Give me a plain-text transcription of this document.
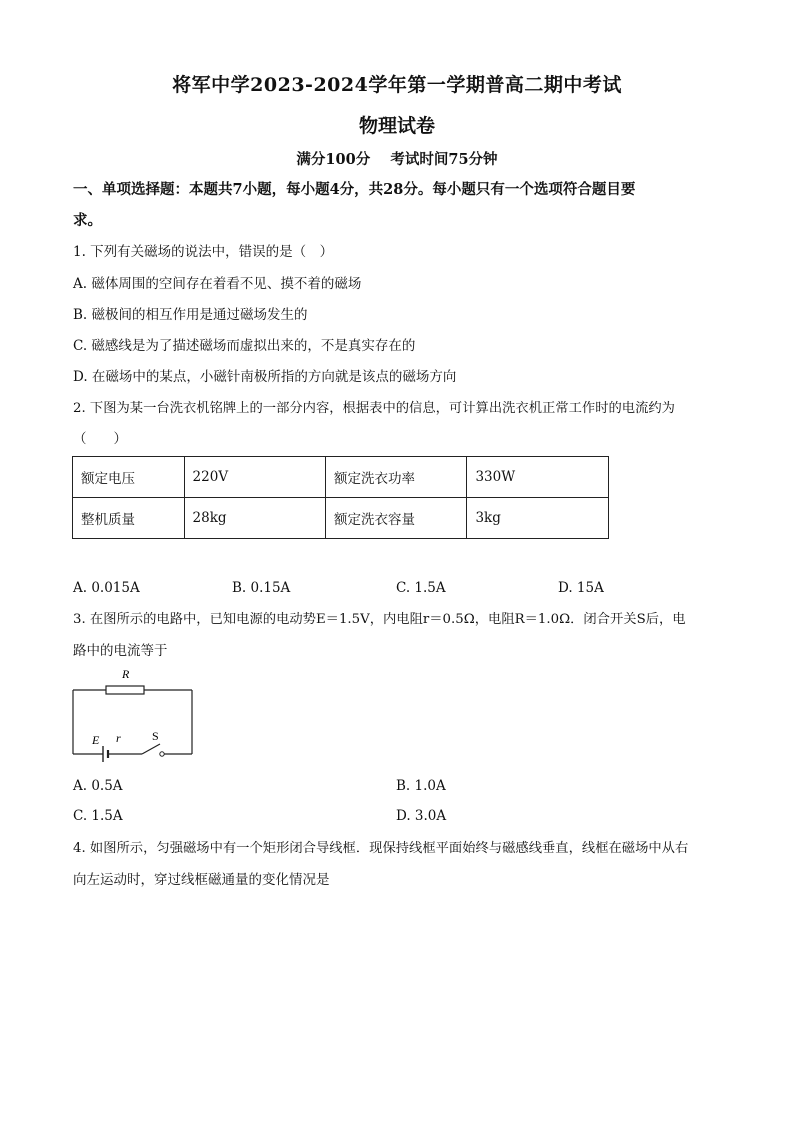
将军中学2023-2024学年第一学期普高二期中考试
物理试卷
满分100分    考试时间75分钟
一、单项选择题：本题共7小题，每小题4分，共28分。每小题只有一个选项符合题目要
求。
1. 下列有关磁场的说法中，错误的是（　）
A. 磁体周围的空间存在着看不见、摸不着的磁场
B. 磁极间的相互作用是通过磁场发生的
C. 磁感线是为了描述磁场而虚拟出来的，不是真实存在的
D. 在磁场中的某点，小磁针南极所指的方向就是该点的磁场方向
2. 下图为某一台洗衣机铭牌上的一部分内容，根据表中的信息，可计算出洗衣机正常工作时的电流约为
（　　）
额定电压	220V	额定洗衣功率	330W
整机质量	28kg	额定洗衣容量	3kg
A. 0.015A	B. 0.15A	C. 1.5A	D. 15A
3. 在图所示的电路中，已知电源的电动势E＝1.5V，内电阻r＝0.5Ω，电阻R＝1.0Ω．闭合开关S后，电
路中的电流等于
R
E r	S
A. 0.5A	B. 1.0A
C. 1.5A	D. 3.0A
4. 如图所示，匀强磁场中有一个矩形闭合导线框．现保持线框平面始终与磁感线垂直，线框在磁场中从右
向左运动时，穿过线框磁通量的变化情况是
